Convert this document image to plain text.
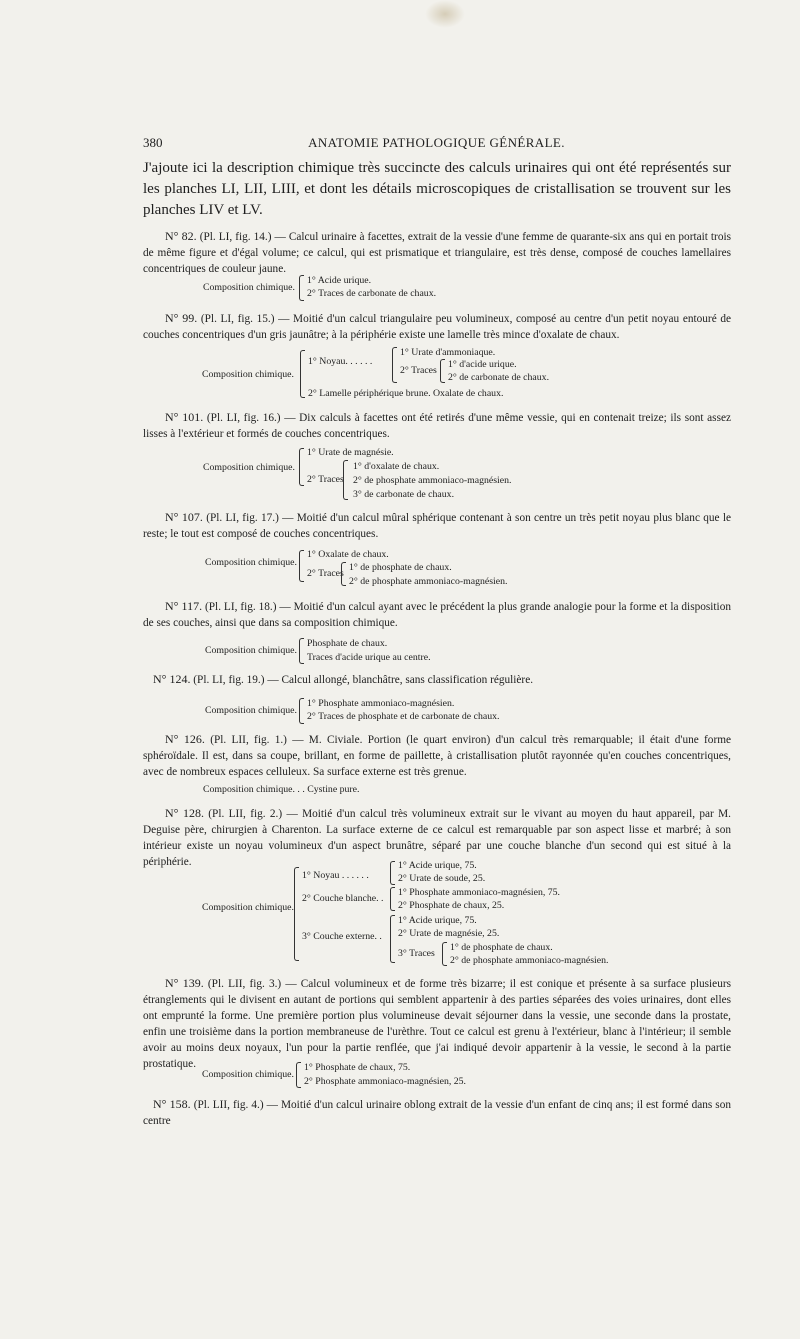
380	ANATOMIE PATHOLOGIQUE GÉNÉRALE.
J'ajoute ici la description chimique très succincte des calculs urinaires qui ont été représentés sur les planches LI, LII, LIII, et dont les détails microscopiques de cristallisation se trouvent sur les planches LIV et LV.
N° 82. (Pl. LI, fig. 14.) — Calcul urinaire à facettes, extrait de la vessie d'une femme de quarante-six ans qui en portait trois de même figure et d'égal volume; ce calcul, qui est prismatique et triangulaire, est très dense, composé de couches lamellaires concentriques de couleur jaune.
Composition chimique.
1° Acide urique.
2° Traces de carbonate de chaux.
N° 99. (Pl. LI, fig. 15.) — Moitié d'un calcul triangulaire peu volumineux, composé au centre d'un petit noyau entouré de couches concentriques d'un gris jaunâtre; à la périphérie existe une lamelle très mince d'oxalate de chaux.
Composition chimique.
1° Noyau. . . . . .
1° Urate d'ammoniaque.
2° Traces
1° d'acide urique.
2° de carbonate de chaux.
2° Lamelle périphérique brune. Oxalate de chaux.
N° 101. (Pl. LI, fig. 16.) — Dix calculs à facettes ont été retirés d'une même vessie, qui en contenait treize; ils sont assez lisses à l'extérieur et formés de couches concentriques.
Composition chimique.
1° Urate de magnésie.
2° Traces
1° d'oxalate de chaux.
2° de phosphate ammoniaco-magnésien.
3° de carbonate de chaux.
N° 107. (Pl. LI, fig. 17.) — Moitié d'un calcul mûral sphérique contenant à son centre un très petit noyau plus blanc que le reste; le tout est composé de couches concentriques.
Composition chimique.
1° Oxalate de chaux.
2° Traces
1° de phosphate de chaux.
2° de phosphate ammoniaco-magnésien.
N° 117. (Pl. LI, fig. 18.) — Moitié d'un calcul ayant avec le précédent la plus grande analogie pour la forme et la disposition de ses couches, ainsi que dans sa composition chimique.
Composition chimique.
Phosphate de chaux.
Traces d'acide urique au centre.
N° 124. (Pl. LI, fig. 19.) — Calcul allongé, blanchâtre, sans classification régulière.
Composition chimique.
1° Phosphate ammoniaco-magnésien.
2° Traces de phosphate et de carbonate de chaux.
N° 126. (Pl. LII, fig. 1.) — M. Civiale. Portion (le quart environ) d'un calcul très remarquable; il était d'une forme sphéroïdale. Il est, dans sa coupe, brillant, en forme de paillette, à cristallisation plutôt rayonnée qu'en couches concentriques, avec de nombreux espaces celluleux. Sa surface externe est très grenue.
Composition chimique. . . Cystine pure.
N° 128. (Pl. LII, fig. 2.) — Moitié d'un calcul très volumineux extrait sur le vivant au moyen du haut appareil, par M. Deguise père, chirurgien à Charenton. La surface externe de ce calcul est remarquable par son aspect lisse et marbré; à son intérieur existe un noyau volumineux d'un aspect brunâtre, séparé par une couche blanche d'un second qui est situé à la périphérie.
Composition chimique.
1° Noyau . . . . . .
1° Acide urique, 75.
2° Urate de soude, 25.
2° Couche blanche. .
1° Phosphate ammoniaco-magnésien, 75.
2° Phosphate de chaux, 25.
3° Couche externe. .
1° Acide urique, 75.
2° Urate de magnésie, 25.
3° Traces
1° de phosphate de chaux.
2° de phosphate ammoniaco-magnésien.
N° 139. (Pl. LII, fig. 3.) — Calcul volumineux et de forme très bizarre; il est conique et présente à sa surface plusieurs étranglements qui le divisent en autant de portions qui semblent appartenir à des parties séparées des voies urinaires, dont elles ont emprunté la forme. Une première portion plus volumineuse devait séjourner dans la vessie, une seconde dans la prostate, enfin une troisième dans la portion membraneuse de l'urèthre. Tout ce calcul est grenu à l'extérieur, blanc à l'intérieur; il semble avoir au moins deux noyaux, l'un pour la partie renflée, que j'ai indiqué devoir appartenir à la vessie, le second à la partie prostatique.
Composition chimique.
1° Phosphate de chaux, 75.
2° Phosphate ammoniaco-magnésien, 25.
N° 158. (Pl. LII, fig. 4.) — Moitié d'un calcul urinaire oblong extrait de la vessie d'un enfant de cinq ans; il est formé dans son centre
